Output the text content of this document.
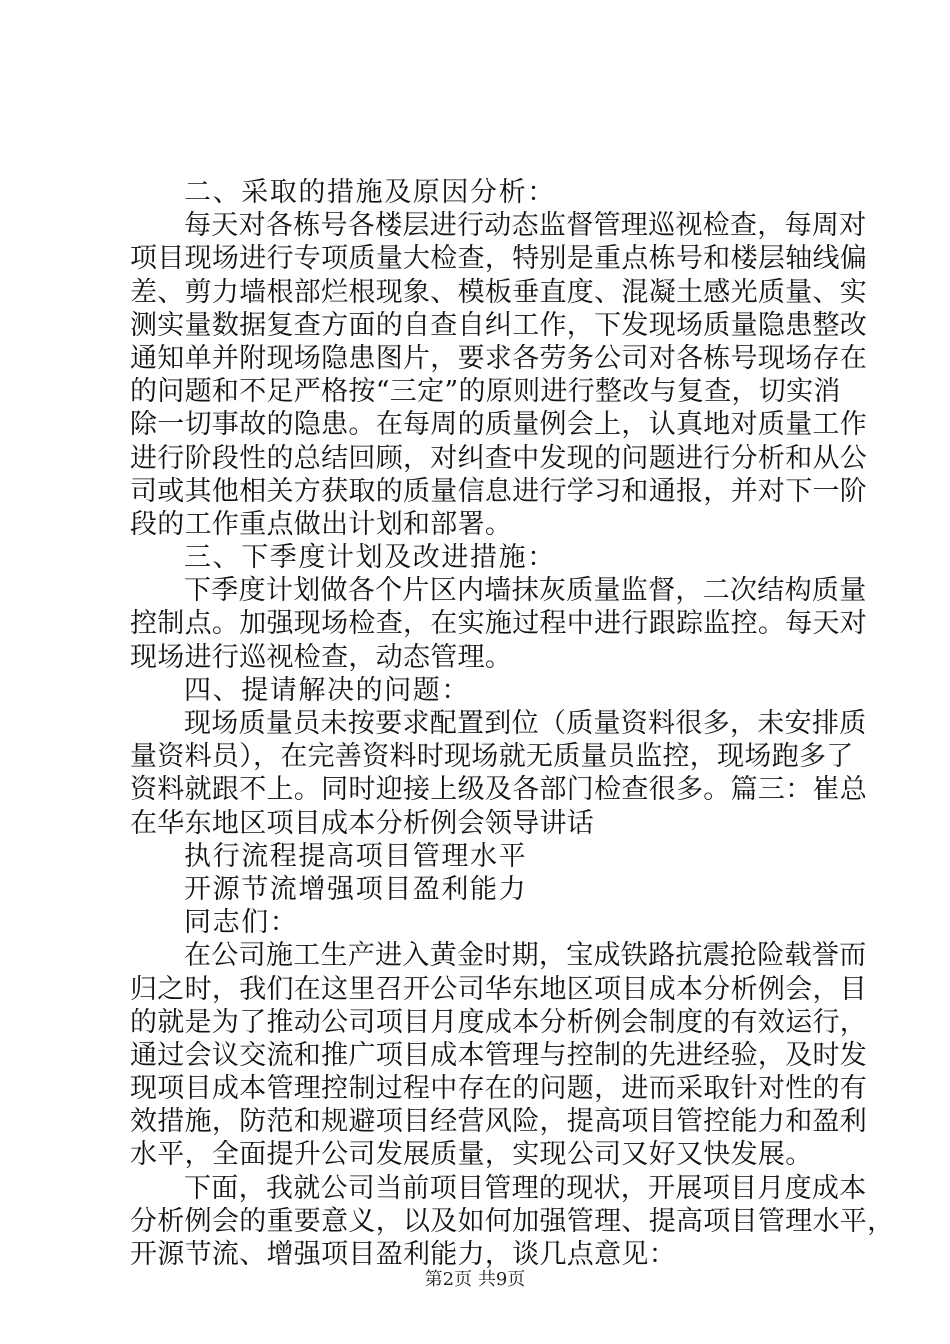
二、采取的措施及原因分析：
每天对各栋号各楼层进行动态监督管理巡视检查，每周对
项目现场进行专项质量大检查，特别是重点栋号和楼层轴线偏
差、剪力墙根部烂根现象、模板垂直度、混凝土感光质量、实
测实量数据复查方面的自查自纠工作，下发现场质量隐患整改
通知单并附现场隐患图片，要求各劳务公司对各栋号现场存在
的问题和不足严格按“三定”的原则进行整改与复查，切实消
除一切事故的隐患。在每周的质量例会上，认真地对质量工作
进行阶段性的总结回顾，对纠查中发现的问题进行分析和从公
司或其他相关方获取的质量信息进行学习和通报，并对下一阶
段的工作重点做出计划和部署。
三、下季度计划及改进措施：
下季度计划做各个片区内墙抹灰质量监督，二次结构质量
控制点。加强现场检查，在实施过程中进行跟踪监控。每天对
现场进行巡视检查，动态管理。
四、提请解决的问题：
现场质量员未按要求配置到位（质量资料很多，未安排质
量资料员），在完善资料时现场就无质量员监控，现场跑多了
资料就跟不上。同时迎接上级及各部门检查很多。篇三：崔总
在华东地区项目成本分析例会领导讲话
执行流程提高项目管理水平
开源节流增强项目盈利能力
同志们：
在公司施工生产进入黄金时期，宝成铁路抗震抢险载誉而
归之时，我们在这里召开公司华东地区项目成本分析例会，目
的就是为了推动公司项目月度成本分析例会制度的有效运行，
通过会议交流和推广项目成本管理与控制的先进经验，及时发
现项目成本管理控制过程中存在的问题，进而采取针对性的有
效措施，防范和规避项目经营风险，提高项目管控能力和盈利
水平，全面提升公司发展质量，实现公司又好又快发展。
下面，我就公司当前项目管理的现状，开展项目月度成本
分析例会的重要意义，以及如何加强管理、提高项目管理水平，
开源节流、增强项目盈利能力，谈几点意见：
第2页 共9页
